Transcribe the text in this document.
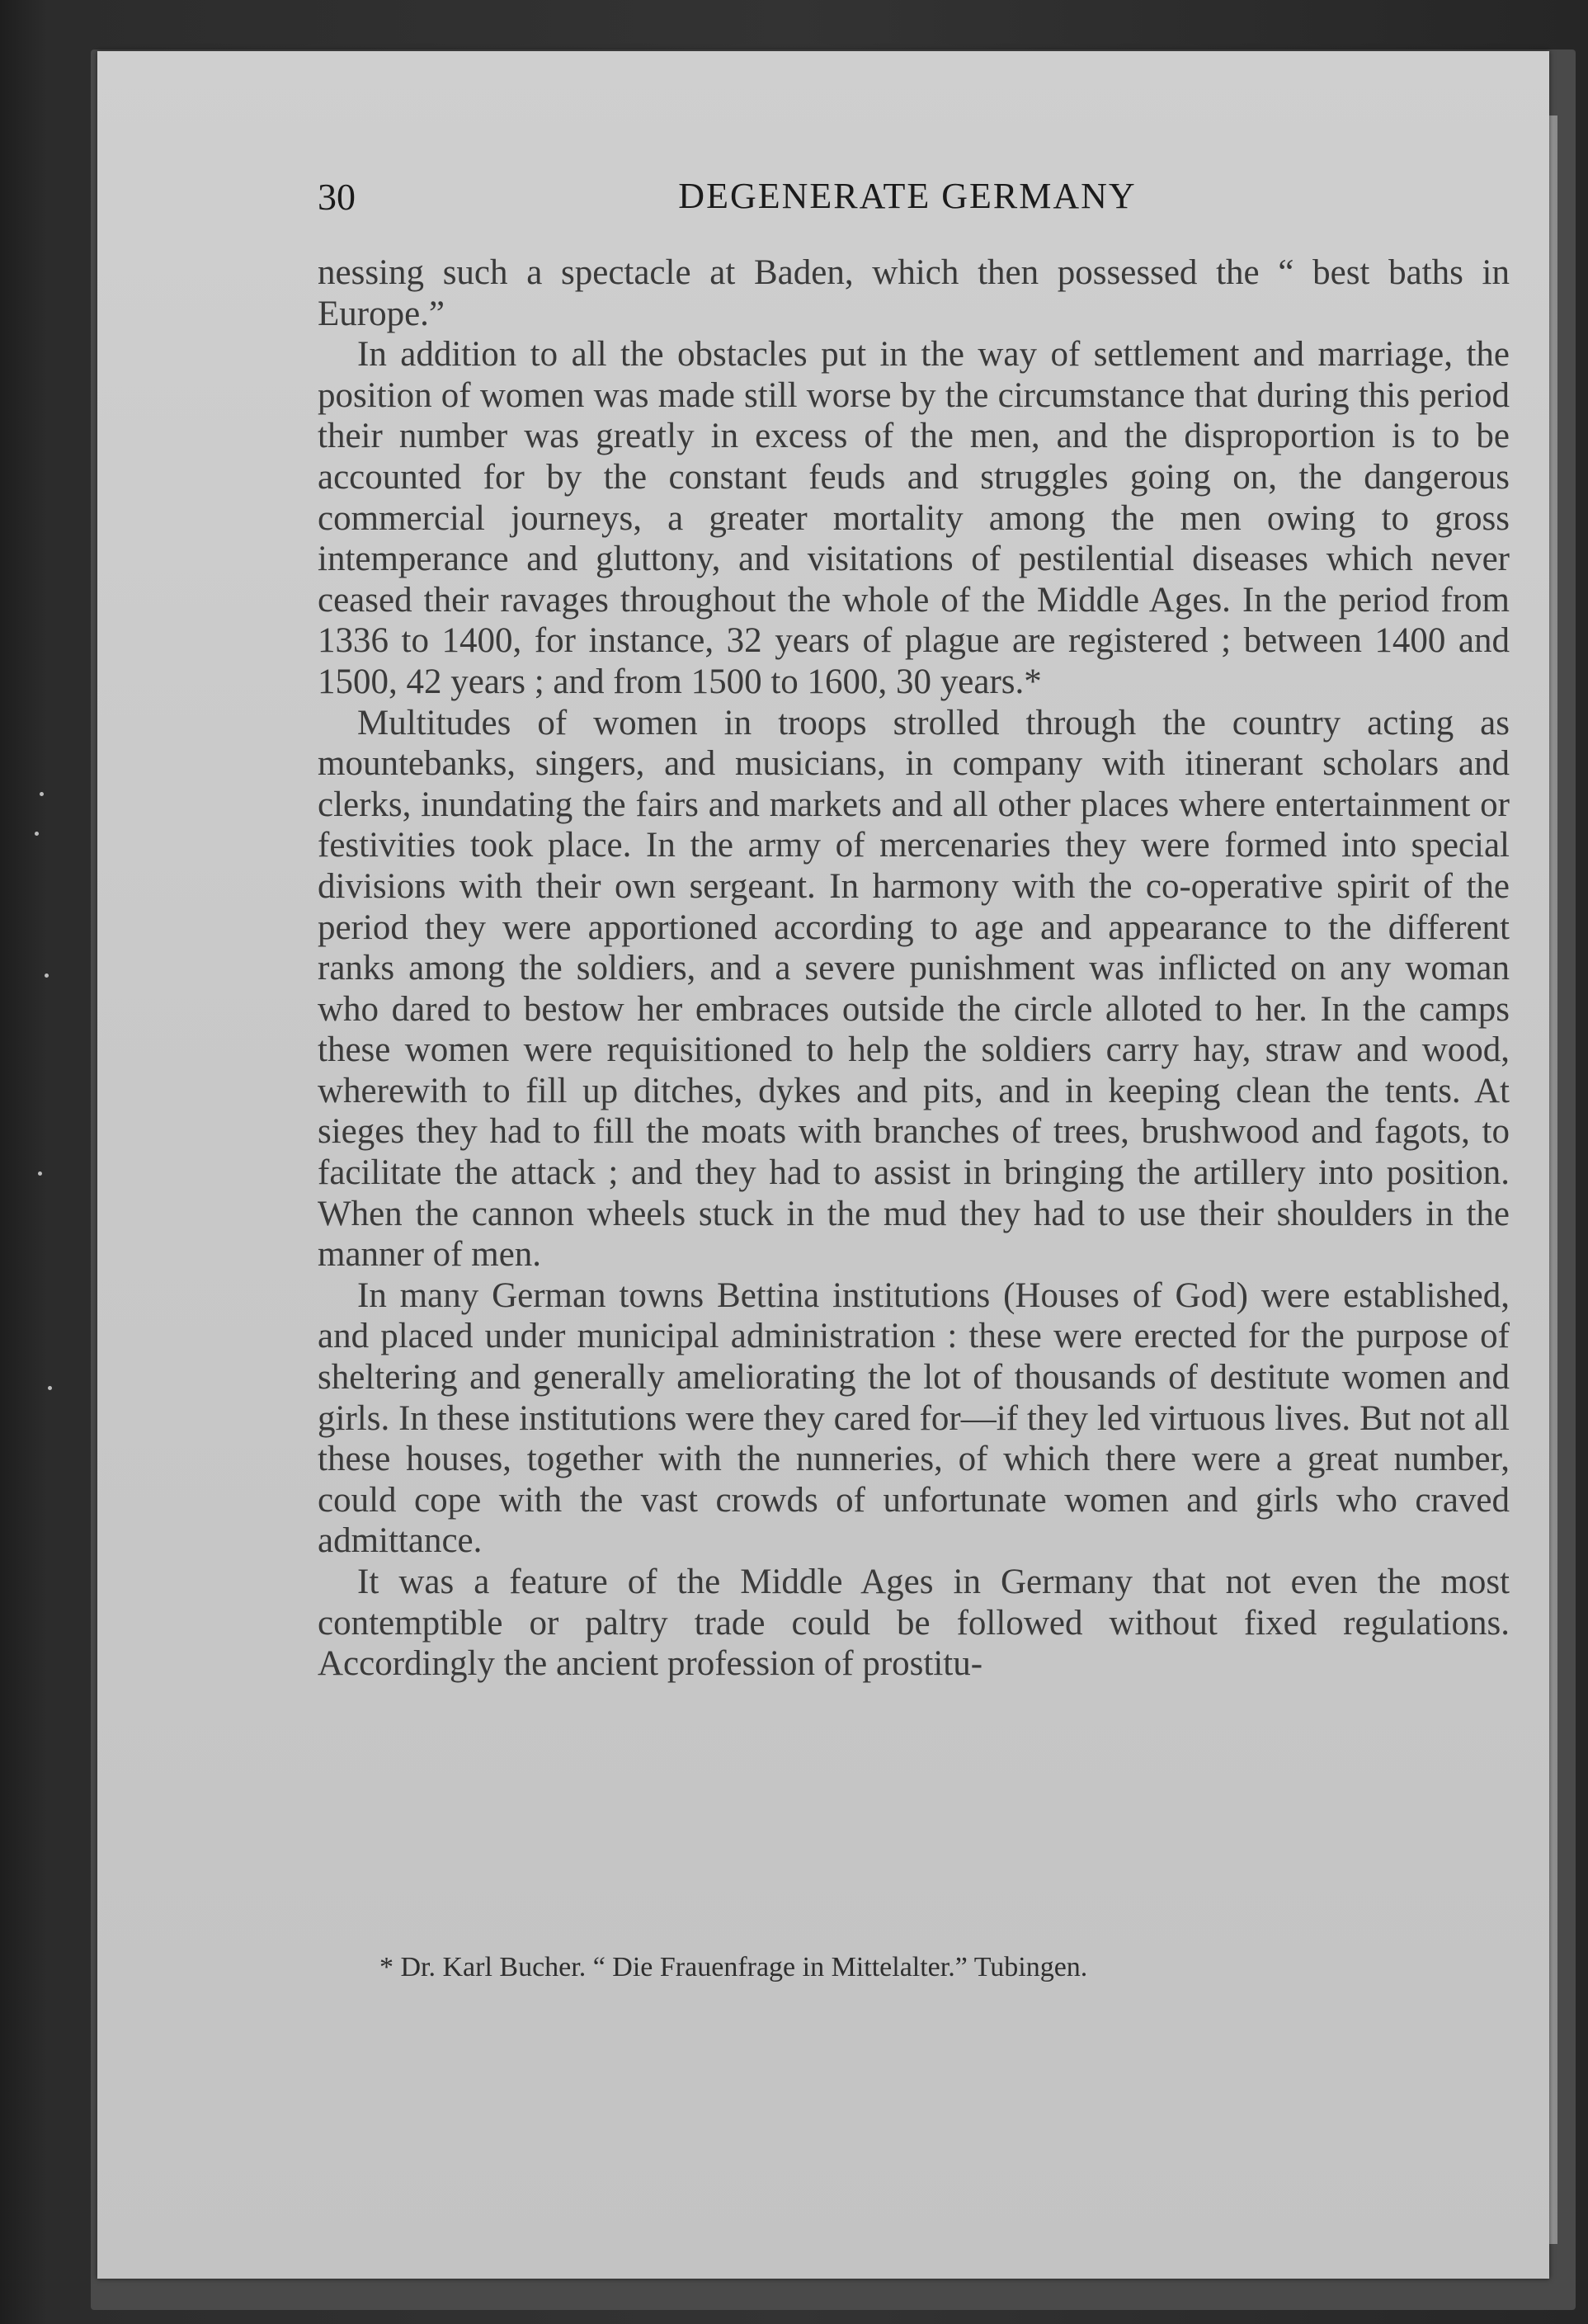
30	DEGENERATE GERMANY

nessing such a spectacle at Baden, which then possessed the “ best baths in Europe.”

In addition to all the obstacles put in the way of settlement and marriage, the position of women was made still worse by the circumstance that during this period their number was greatly in excess of the men, and the disproportion is to be accounted for by the constant feuds and struggles going on, the dangerous commercial journeys, a greater mortality among the men owing to gross intemperance and gluttony, and visitations of pestilential diseases which never ceased their ravages throughout the whole of the Middle Ages. In the period from 1336 to 1400, for instance, 32 years of plague are registered ; between 1400 and 1500, 42 years ; and from 1500 to 1600, 30 years.*

Multitudes of women in troops strolled through the country acting as mountebanks, singers, and musicians, in company with itinerant scholars and clerks, inundating the fairs and markets and all other places where entertainment or festivities took place. In the army of mercenaries they were formed into special divisions with their own sergeant. In harmony with the co-operative spirit of the period they were apportioned according to age and appearance to the different ranks among the soldiers, and a severe punishment was inflicted on any woman who dared to bestow her embraces outside the circle alloted to her. In the camps these women were requisitioned to help the soldiers carry hay, straw and wood, wherewith to fill up ditches, dykes and pits, and in keeping clean the tents. At sieges they had to fill the moats with branches of trees, brushwood and fagots, to facilitate the attack ; and they had to assist in bringing the artillery into position. When the cannon wheels stuck in the mud they had to use their shoulders in the manner of men.

In many German towns Bettina institutions (Houses of God) were established, and placed under municipal administration : these were erected for the purpose of sheltering and generally ameliorating the lot of thousands of destitute women and girls. In these institutions were they cared for—if they led virtuous lives. But not all these houses, together with the nunneries, of which there were a great number, could cope with the vast crowds of unfortunate women and girls who craved admittance.

It was a feature of the Middle Ages in Germany that not even the most contemptible or paltry trade could be followed without fixed regulations. Accordingly the ancient profession of prostitu-

* Dr. Karl Bucher. “ Die Frauenfrage in Mittelalter.” Tubingen.
